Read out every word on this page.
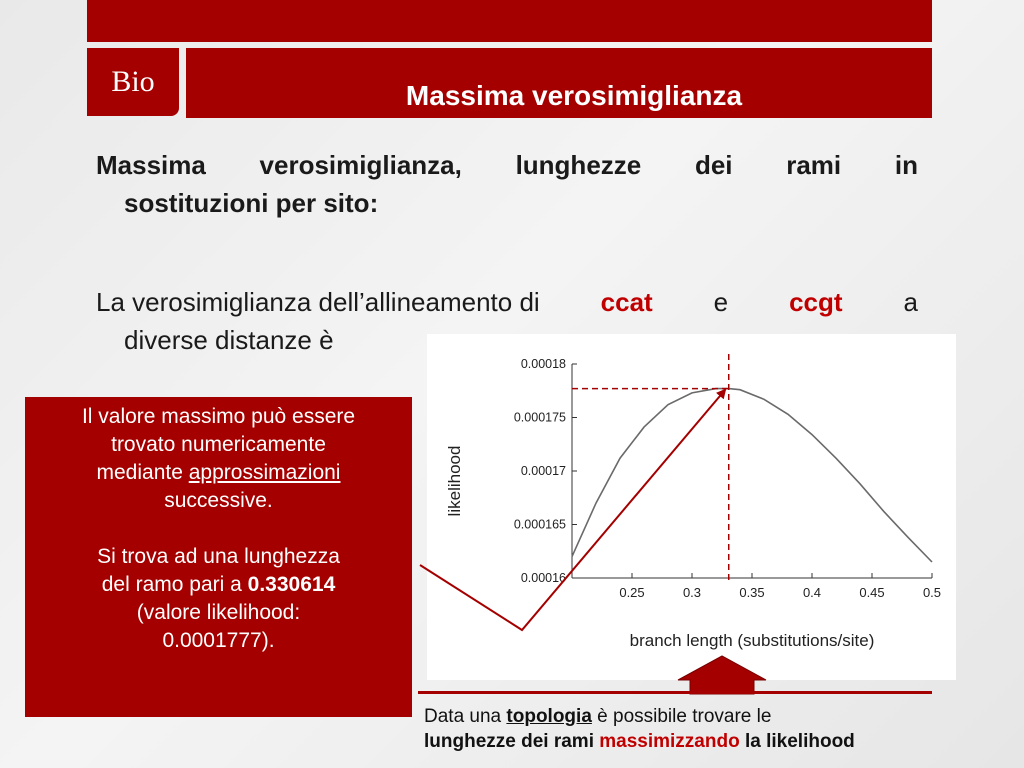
Bio	Massima verosimiglianza
Massima verosimiglianza, lunghezze dei rami in
sostituzioni per sito:
La verosimiglianza dell’allineamento di ccat e ccgt a
diverse distanze è
0.25	0.3	0.35	0.4	0.45	0.5
0.00018
0.000175
0.00017
0.000165
0.00016
branch length (substitutions/site)
likelihood

Il valore massimo può essere

trovato numericamente

mediante approssimazioni

successive.

Si trova ad una lunghezza

del ramo pari a 0.330614

(valore likelihood:

0.0001777).

Data una topologia è possibile trovare le
lunghezze dei rami massimizzando la likelihood
